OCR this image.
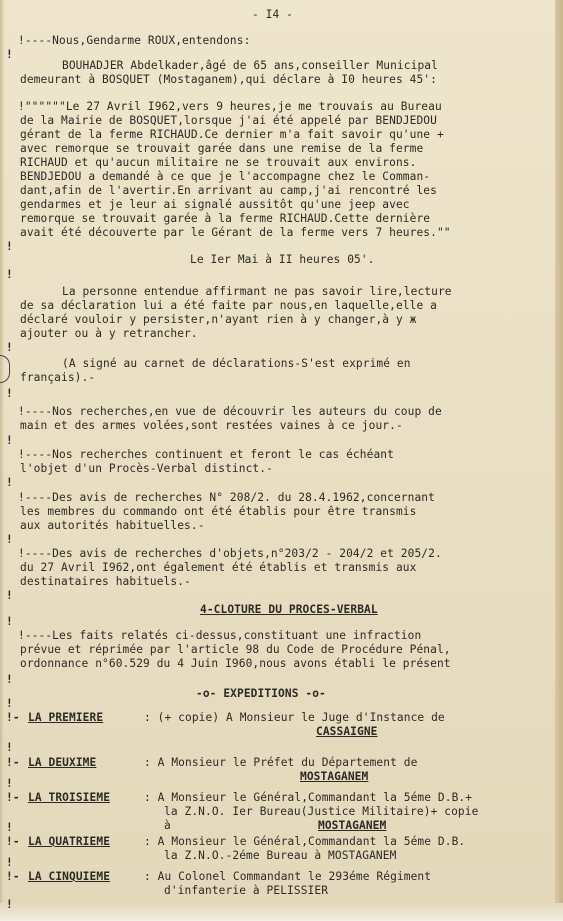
- I4 -
!----Nous,Gendarme ROUX,entendons:
BOUHADJER Abdelkader,âgé de 65 ans,conseiller Municipal
demeurant à BOSQUET (Mostaganem),qui déclare à I0 heures 45':
!""""""Le 27 Avril I962,vers 9 heures,je me trouvais au Bureau
de la Mairie de BOSQUET,lorsque j'ai été appelé par BENDJEDOU
gérant de la ferme RICHAUD.Ce dernier m'a fait savoir qu'une +
avec remorque se trouvait garée dans une remise de la ferme
RICHAUD et qu'aucun militaire ne se trouvait aux environs.
BENDJEDOU a demandé à ce que je l'accompagne chez le Comman-
dant,afin de l'avertir.En arrivant au camp,j'ai rencontré les
gendarmes et je leur ai signalé aussitôt qu'une jeep avec
remorque se trouvait garée à la ferme RICHAUD.Cette dernière
avait été découverte par le Gérant de la ferme vers 7 heures.""
Le Ier Mai à II heures 05'.
La personne entendue affirmant ne pas savoir lire,lecture
de sa déclaration lui a été faite par nous,en laquelle,elle a
déclaré vouloir y persister,n'ayant rien à y changer,à y ж
ajouter ou à y retrancher.
(A signé au carnet de déclarations-S'est exprimé en
français).-
!----Nos recherches,en vue de découvrir les auteurs du coup de
main et des armes volées,sont restées vaines à ce jour.-
!----Nos recherches continuent et feront le cas échéant
l'objet d'un Procès-Verbal distinct.-
!----Des avis de recherches N° 208/2. du 28.4.1962,concernant
les membres du commando ont été établis pour être transmis
aux autorités habituelles.-
!----Des avis de recherches d'objets,n°203/2 - 204/2 et 205/2.
du 27 Avril I962,ont également été établis et transmis aux
destinataires habituels.-
4-CLOTURE DU PROCES-VERBAL
!----Les faits relatés ci-dessus,constituant une infraction
prévue et réprimée par l'article 98 du Code de Procédure Pénal,
ordonnance n°60.529 du 4 Juin I960,nous avons établi le présent
-o- EXPEDITIONS -o-
!- LA PREMIERE	: (+ copie) A Monsieur le Juge d'Instance de
CASSAIGNE
!- LA DEUXIME	: A Monsieur le Préfet du Département de
MOSTAGANEM
!- LA TROISIEME	: A Monsieur le Général,Commandant la 5éme D.B.+
la Z.N.O. Ier Bureau(Justice Militaire)+ copie
à	MOSTAGANEM
!- LA QUATRIEME	: A Monsieur le Général,Commandant la 5éme D.B.
la Z.N.O.-2éme Bureau à MOSTAGANEM
!- LA CINQUIEME	: Au Colonel Commandant le 293éme Régiment
d'infanterie à PELISSIER
!
!
!
!
!
!
!
!
!
!
!
!
!
!
!
!
!
